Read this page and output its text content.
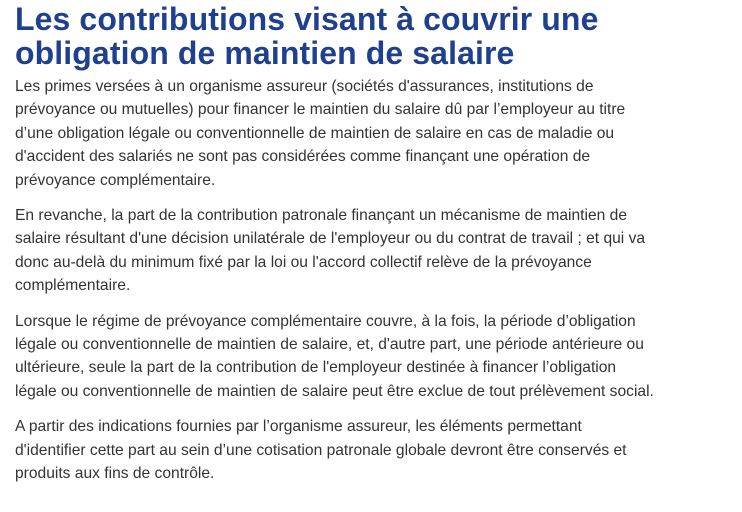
Les contributions visant à couvrir une obligation de maintien de salaire

Les primes versées à un organisme assureur (sociétés d'assurances, institutions de prévoyance ou mutuelles) pour financer le maintien du salaire dû par l’employeur au titre d’une obligation légale ou conventionnelle de maintien de salaire en cas de maladie ou d'accident des salariés ne sont pas considérées comme finançant une opération de prévoyance complémentaire.

En revanche, la part de la contribution patronale finançant un mécanisme de maintien de salaire résultant d'une décision unilatérale de l'employeur ou du contrat de travail ; et qui va donc au-delà du minimum fixé par la loi ou l'accord collectif relève de la prévoyance complémentaire.

Lorsque le régime de prévoyance complémentaire couvre, à la fois, la période d’obligation légale ou conventionnelle de maintien de salaire, et, d'autre part, une période antérieure ou ultérieure, seule la part de la contribution de l'employeur destinée à financer l’obligation légale ou conventionnelle de maintien de salaire peut être exclue de tout prélèvement social.

A partir des indications fournies par l’organisme assureur, les éléments permettant d'identifier cette part au sein d’une cotisation patronale globale devront être conservés et produits aux fins de contrôle.
